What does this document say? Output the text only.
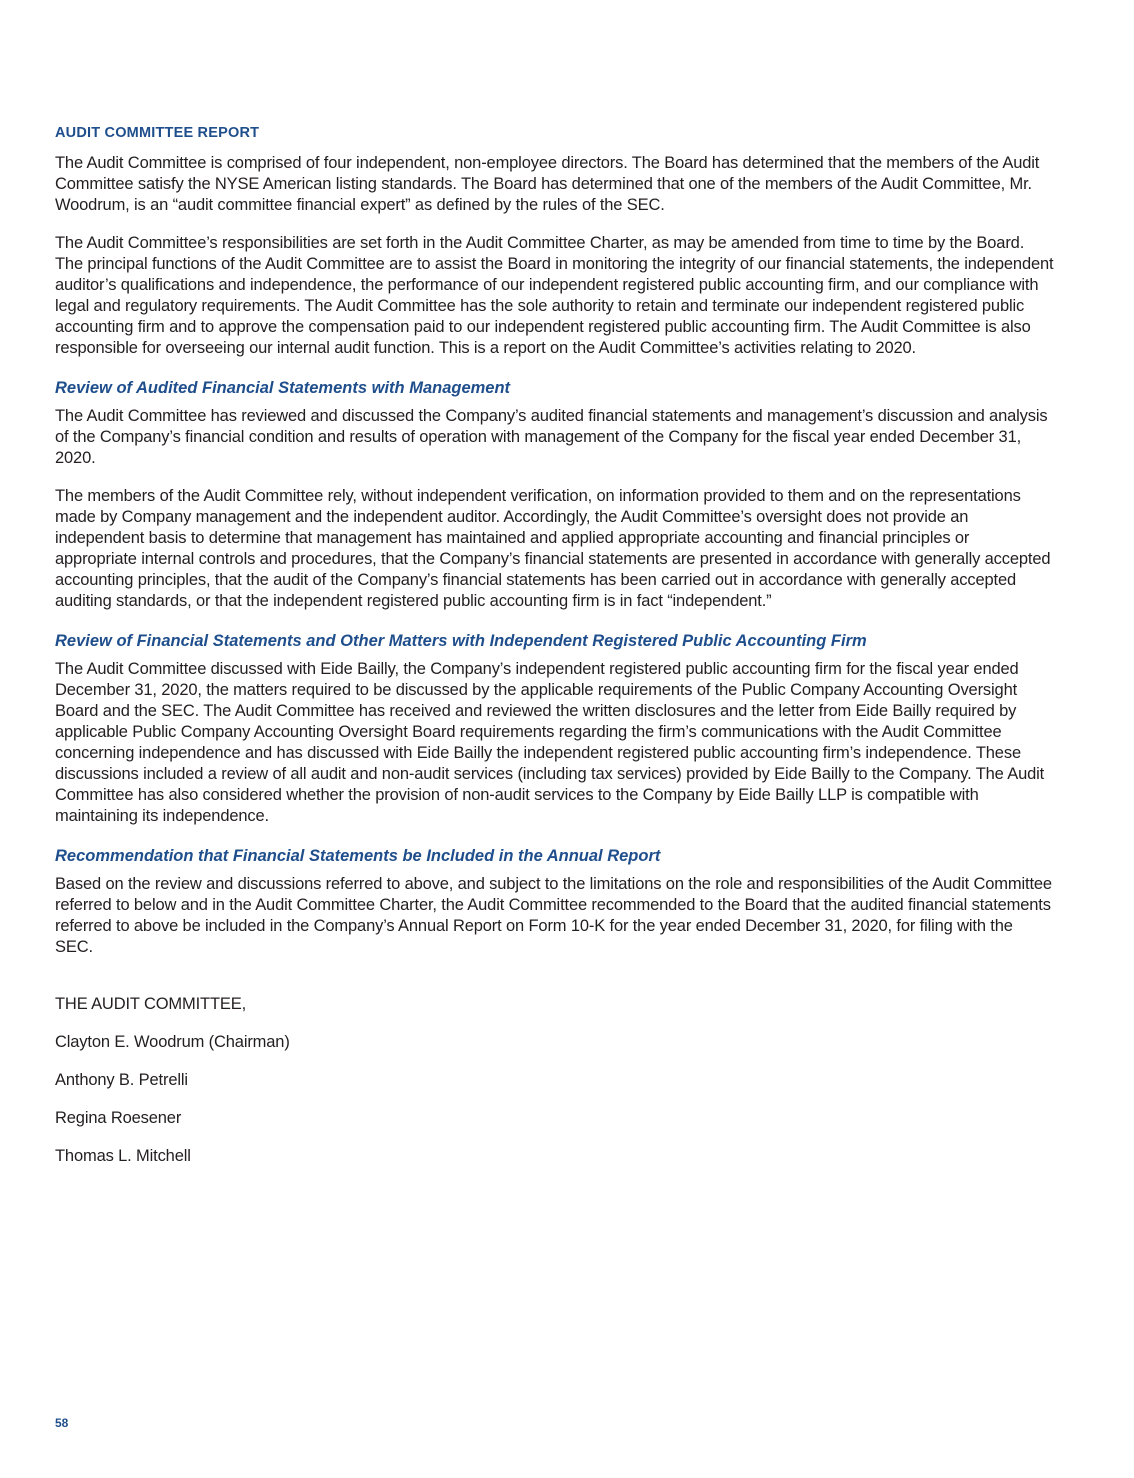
AUDIT COMMITTEE REPORT

The Audit Committee is comprised of four independent, non-employee directors. The Board has determined that the members of the Audit Committee satisfy the NYSE American listing standards. The Board has determined that one of the members of the Audit Committee, Mr. Woodrum, is an “audit committee financial expert” as defined by the rules of the SEC.

The Audit Committee’s responsibilities are set forth in the Audit Committee Charter, as may be amended from time to time by the Board. The principal functions of the Audit Committee are to assist the Board in monitoring the integrity of our financial statements, the independent auditor’s qualifications and independence, the performance of our independent registered public accounting firm, and our compliance with legal and regulatory requirements. The Audit Committee has the sole authority to retain and terminate our independent registered public accounting firm and to approve the compensation paid to our independent registered public accounting firm. The Audit Committee is also responsible for overseeing our internal audit function. This is a report on the Audit Committee’s activities relating to 2020.

Review of Audited Financial Statements with Management

The Audit Committee has reviewed and discussed the Company’s audited financial statements and management’s discussion and analysis of the Company’s financial condition and results of operation with management of the Company for the fiscal year ended December 31, 2020.

The members of the Audit Committee rely, without independent verification, on information provided to them and on the representations made by Company management and the independent auditor. Accordingly, the Audit Committee’s oversight does not provide an independent basis to determine that management has maintained and applied appropriate accounting and financial principles or appropriate internal controls and procedures, that the Company’s financial statements are presented in accordance with generally accepted accounting principles, that the audit of the Company’s financial statements has been carried out in accordance with generally accepted auditing standards, or that the independent registered public accounting firm is in fact “independent.”

Review of Financial Statements and Other Matters with Independent Registered Public Accounting Firm

The Audit Committee discussed with Eide Bailly, the Company’s independent registered public accounting firm for the fiscal year ended December 31, 2020, the matters required to be discussed by the applicable requirements of the Public Company Accounting Oversight Board and the SEC. The Audit Committee has received and reviewed the written disclosures and the letter from Eide Bailly required by applicable Public Company Accounting Oversight Board requirements regarding the firm’s communications with the Audit Committee concerning independence and has discussed with Eide Bailly the independent registered public accounting firm’s independence. These discussions included a review of all audit and non-audit services (including tax services) provided by Eide Bailly to the Company. The Audit Committee has also considered whether the provision of non-audit services to the Company by Eide Bailly LLP is compatible with maintaining its independence.

Recommendation that Financial Statements be Included in the Annual Report

Based on the review and discussions referred to above, and subject to the limitations on the role and responsibilities of the Audit Committee referred to below and in the Audit Committee Charter, the Audit Committee recommended to the Board that the audited financial statements referred to above be included in the Company’s Annual Report on Form 10-K for the year ended December 31, 2020, for filing with the SEC.

THE AUDIT COMMITTEE,
Clayton E. Woodrum (Chairman)
Anthony B. Petrelli
Regina Roesener
Thomas L. Mitchell
58
